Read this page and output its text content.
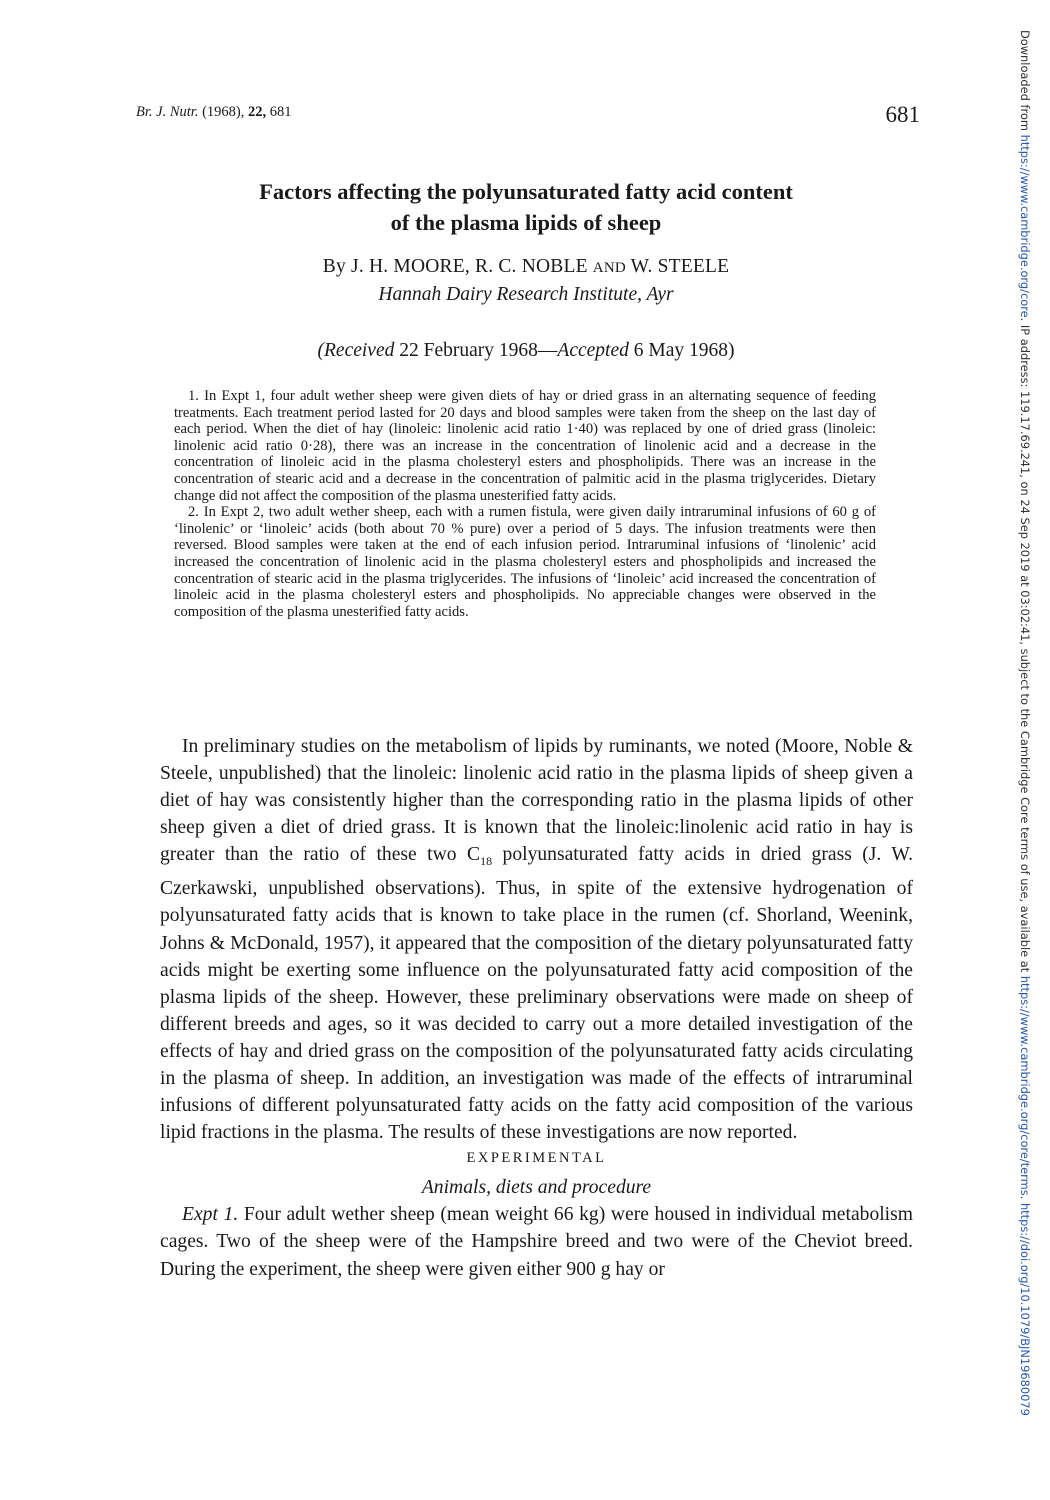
Br. J. Nutr. (1968), 22, 681	681
Factors affecting the polyunsaturated fatty acid content
of the plasma lipids of sheep
By J. H. MOORE, R. C. NOBLE AND W. STEELE
Hannah Dairy Research Institute, Ayr
(Received 22 February 1968—Accepted 6 May 1968)

1. In Expt 1, four adult wether sheep were given diets of hay or dried grass in an alternating sequence of feeding treatments. Each treatment period lasted for 20 days and blood samples were taken from the sheep on the last day of each period. When the diet of hay (linoleic: linolenic acid ratio 1·40) was replaced by one of dried grass (linoleic: linolenic acid ratio 0·28), there was an increase in the concentration of linolenic acid and a decrease in the concentration of linoleic acid in the plasma cholesteryl esters and phospholipids. There was an increase in the concentration of stearic acid and a decrease in the concentration of palmitic acid in the plasma triglycerides. Dietary change did not affect the composition of the plasma unesterified fatty acids.

2. In Expt 2, two adult wether sheep, each with a rumen fistula, were given daily intraruminal infusions of 60 g of ‘linolenic’ or ‘linoleic’ acids (both about 70 % pure) over a period of 5 days. The infusion treatments were then reversed. Blood samples were taken at the end of each infusion period. Intraruminal infusions of ‘linolenic’ acid increased the concentration of linolenic acid in the plasma cholesteryl esters and phospholipids and increased the concentration of stearic acid in the plasma triglycerides. The infusions of ‘linoleic’ acid increased the concentration of linoleic acid in the plasma cholesteryl esters and phospholipids. No appreciable changes were observed in the composition of the plasma unesterified fatty acids.

In preliminary studies on the metabolism of lipids by ruminants, we noted (Moore, Noble & Steele, unpublished) that the linoleic: linolenic acid ratio in the plasma lipids of sheep given a diet of hay was consistently higher than the corresponding ratio in the plasma lipids of other sheep given a diet of dried grass. It is known that the linoleic:linolenic acid ratio in hay is greater than the ratio of these two $C_{18}$ polyunsaturated fatty acids in dried grass (J. W. Czerkawski, unpublished observations). Thus, in spite of the extensive hydrogenation of polyunsaturated fatty acids that is known to take place in the rumen (cf. Shorland, Weenink, Johns & McDonald, 1957), it appeared that the composition of the dietary polyunsaturated fatty acids might be exerting some influence on the polyunsaturated fatty acid composition of the plasma lipids of the sheep. However, these preliminary observations were made on sheep of different breeds and ages, so it was decided to carry out a more detailed investigation of the effects of hay and dried grass on the composition of the polyunsaturated fatty acids circulating in the plasma of sheep. In addition, an investigation was made of the effects of intraruminal infusions of different polyunsaturated fatty acids on the fatty acid composition of the various lipid fractions in the plasma. The results of these investigations are now reported.

EXPERIMENTAL
Animals, diets and procedure

Expt 1. Four adult wether sheep (mean weight 66 kg) were housed in individual metabolism cages. Two of the sheep were of the Hampshire breed and two were of the Cheviot breed. During the experiment, the sheep were given either 900 g hay or

Downloaded from https://www.cambridge.org/core. IP address: 119.17.69.241, on 24 Sep 2019 at 03:02:41, subject to the Cambridge Core terms of use, available at https://www.cambridge.org/core/terms. https://doi.org/10.1079/BJN19680079
